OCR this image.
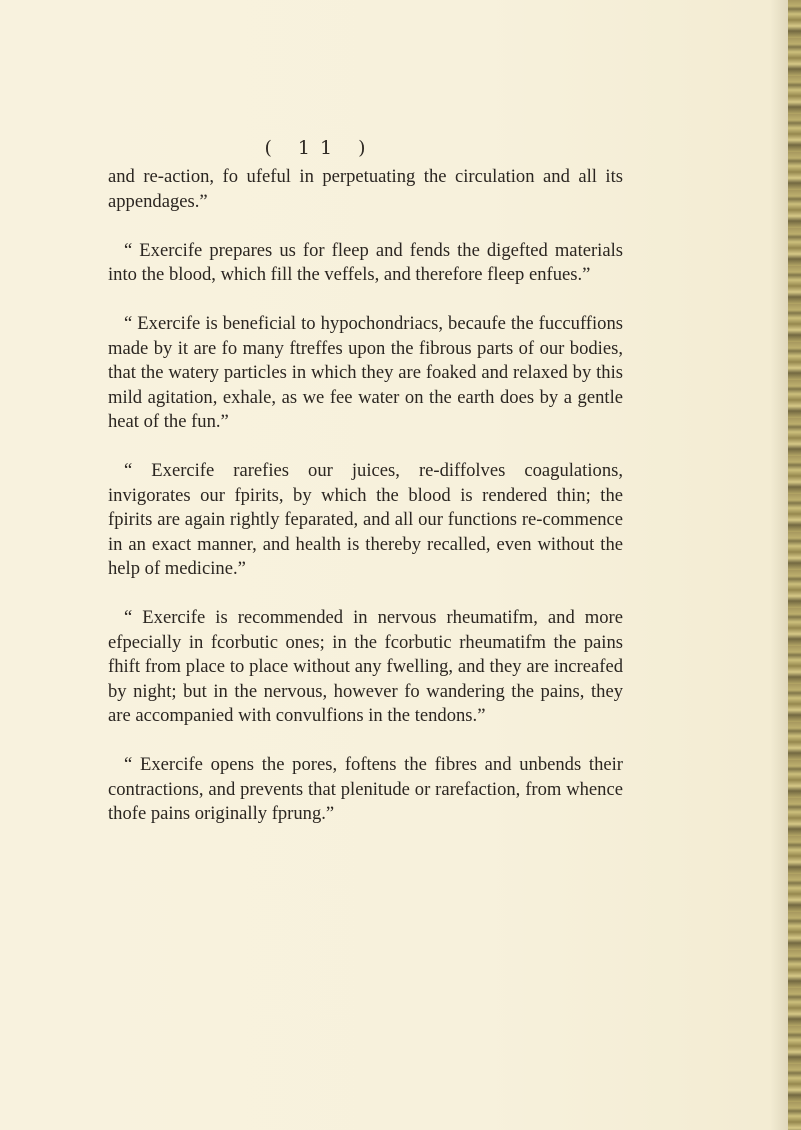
( 11 )

and re-action, fo ufeful in perpetuating the circulation and all its appendages.”

“ Exercife prepares us for fleep and fends the digefted materials into the blood, which fill the veffels, and therefore fleep enfues.”

“ Exercife is beneficial to hypochondriacs, becaufe the fuccuffions made by it are fo many ftreffes upon the fibrous parts of our bodies, that the watery particles in which they are foaked and relaxed by this mild agitation, exhale, as we fee water on the earth does by a gentle heat of the fun.”

“ Exercife rarefies our juices, re-diffolves coagulations, invigorates our fpirits, by which the blood is rendered thin; the fpirits are again rightly feparated, and all our functions re-commence in an exact manner, and health is thereby recalled, even without the help of medicine.”

“ Exercife is recommended in nervous rheumatifm, and more efpecially in fcorbutic ones; in the fcorbutic rheumatifm the pains fhift from place to place without any fwelling, and they are increafed by night; but in the nervous, however fo wandering the pains, they are accompanied with convulfions in the tendons.”

“ Exercife opens the pores, foftens the fibres and unbends their contractions, and prevents that plenitude or rarefaction, from whence thofe pains originally fprung.”
